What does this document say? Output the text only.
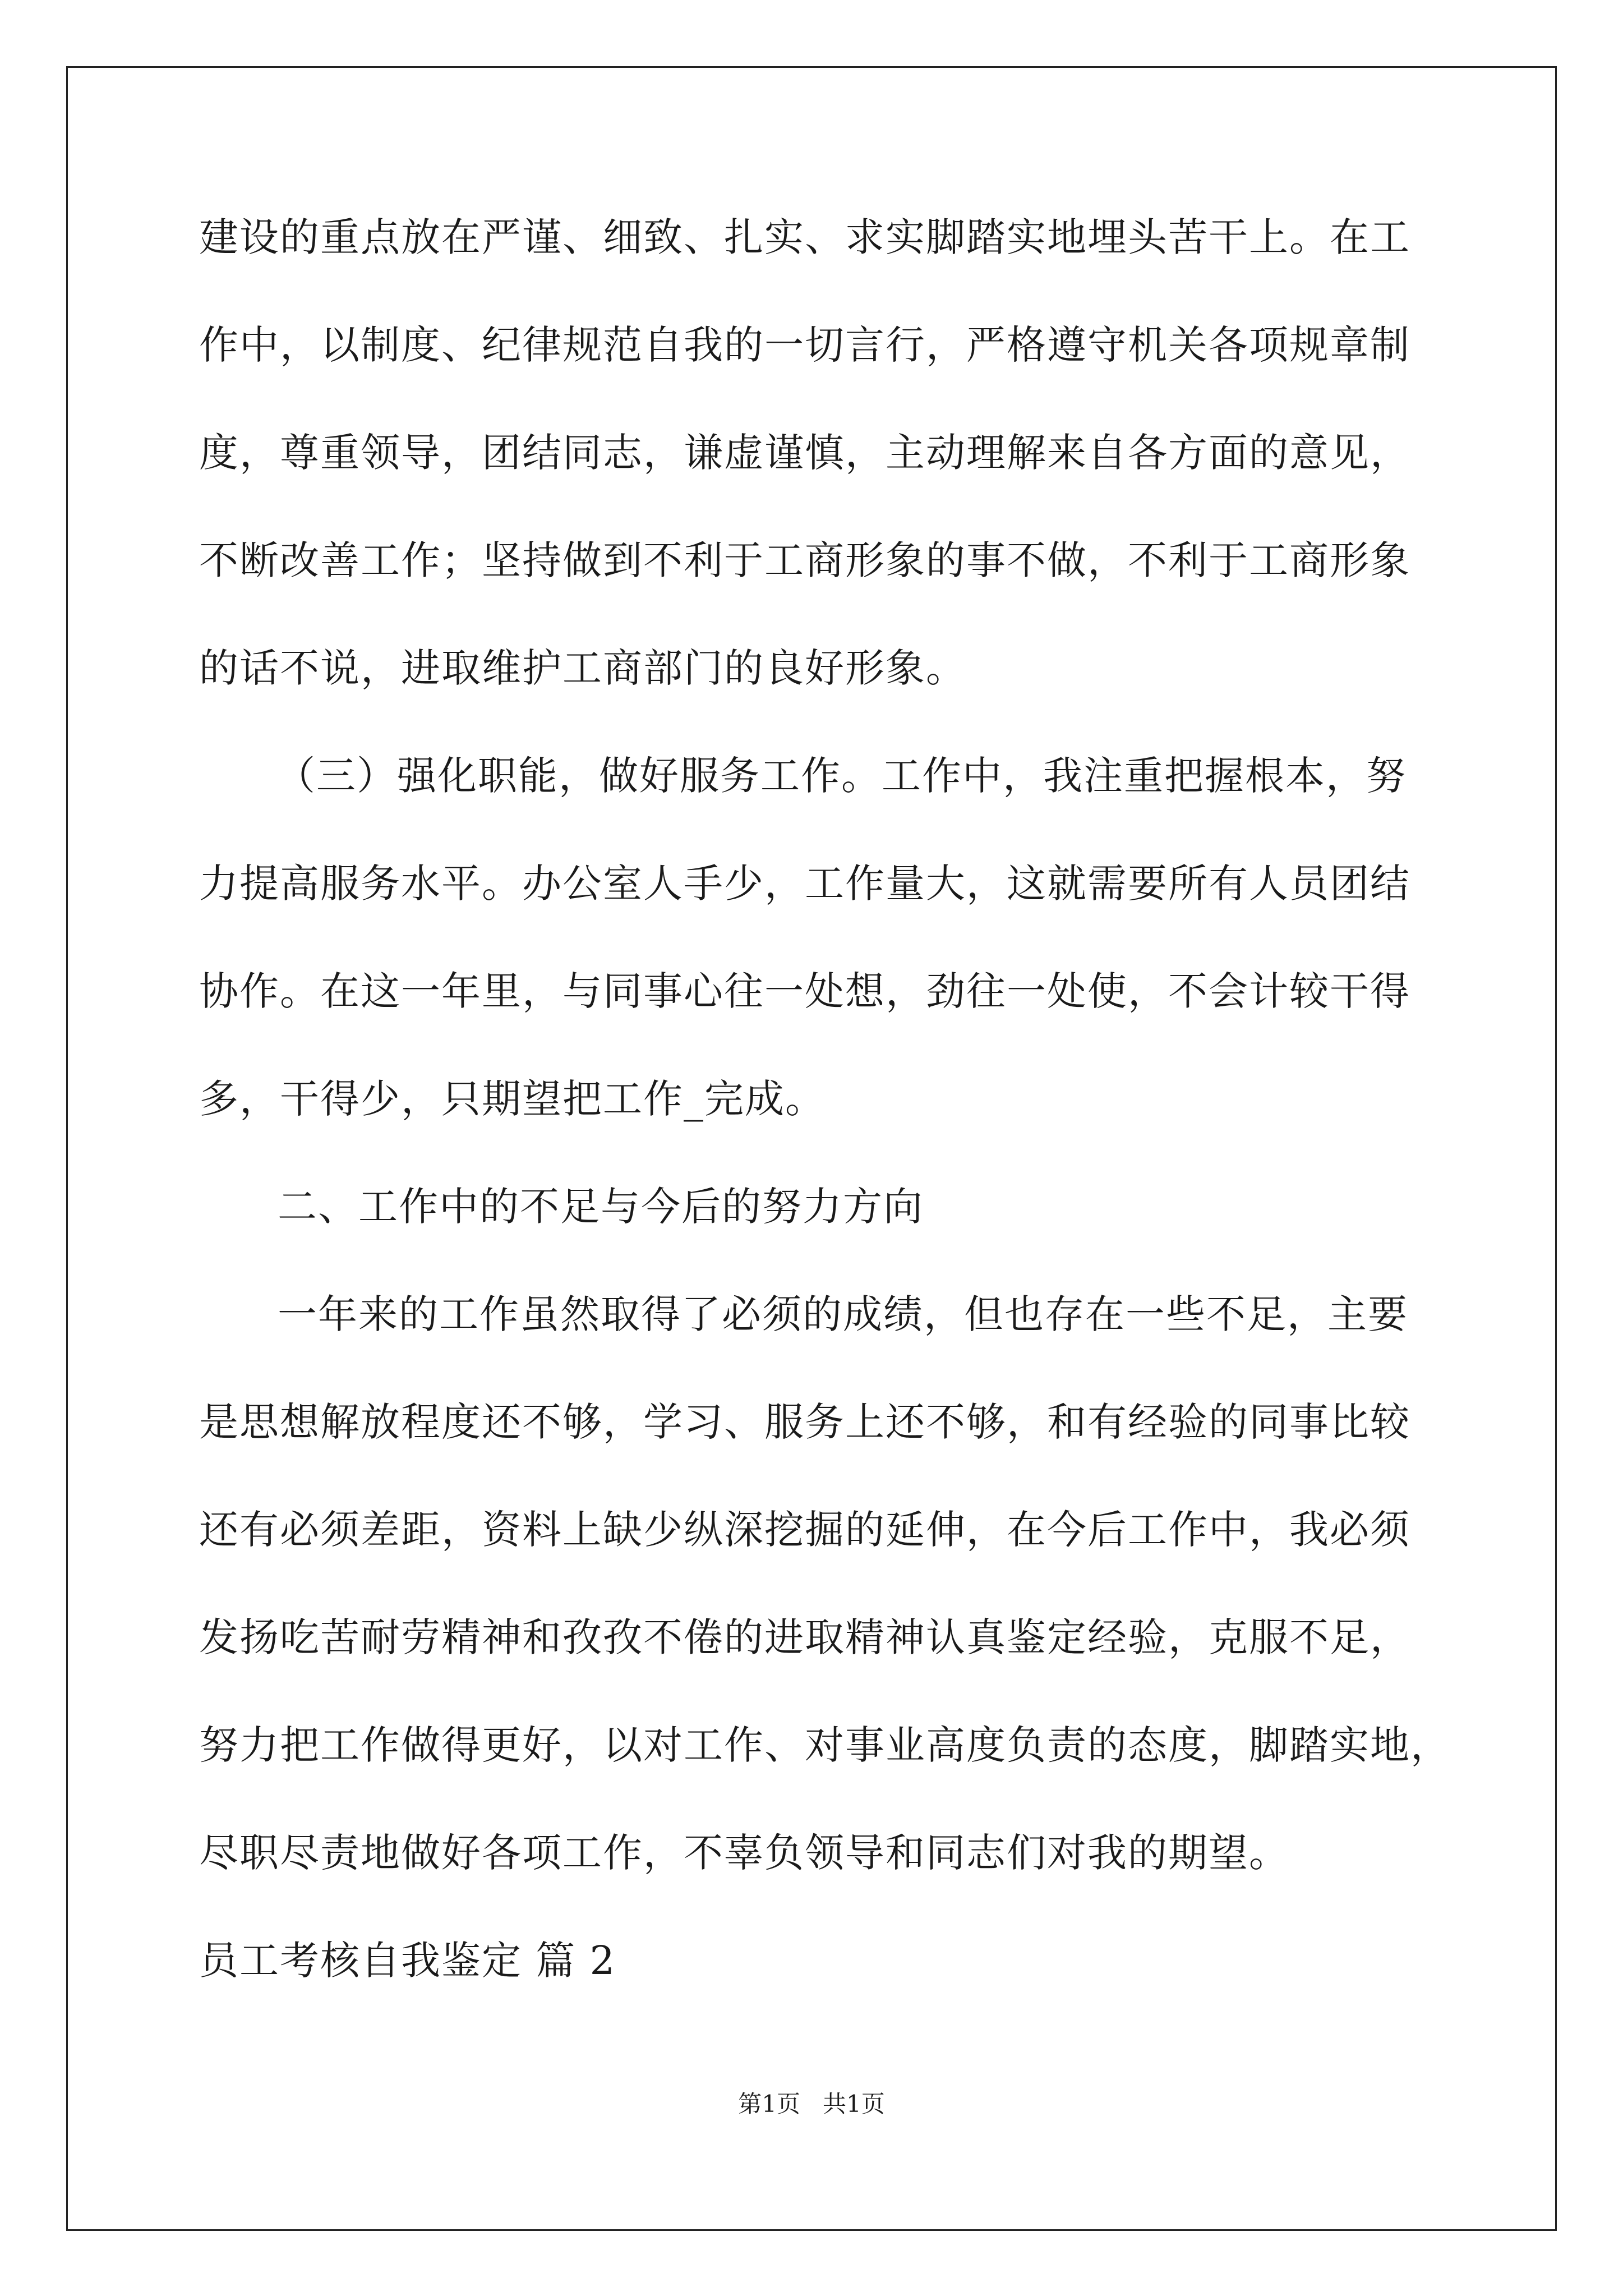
建设的重点放在严谨、细致、扎实、求实脚踏实地埋头苦干上。在工
作中，以制度、纪律规范自我的一切言行，严格遵守机关各项规章制
度，尊重领导，团结同志，谦虚谨慎，主动理解来自各方面的意见，
不断改善工作；坚持做到不利于工商形象的事不做，不利于工商形象
的话不说，进取维护工商部门的良好形象。
（三）强化职能，做好服务工作。工作中，我注重把握根本，努
力提高服务水平。办公室人手少，工作量大，这就需要所有人员团结
协作。在这一年里，与同事心往一处想，劲往一处使，不会计较干得
多，干得少，只期望把工作_完成。
二、工作中的不足与今后的努力方向
一年来的工作虽然取得了必须的成绩，但也存在一些不足，主要
是思想解放程度还不够，学习、服务上还不够，和有经验的同事比较
还有必须差距，资料上缺少纵深挖掘的延伸，在今后工作中，我必须
发扬吃苦耐劳精神和孜孜不倦的进取精神认真鉴定经验，克服不足，
努力把工作做得更好，以对工作、对事业高度负责的态度，脚踏实地，
尽职尽责地做好各项工作，不辜负领导和同志们对我的期望。
员工考核自我鉴定 篇 2
第1页   共1页
